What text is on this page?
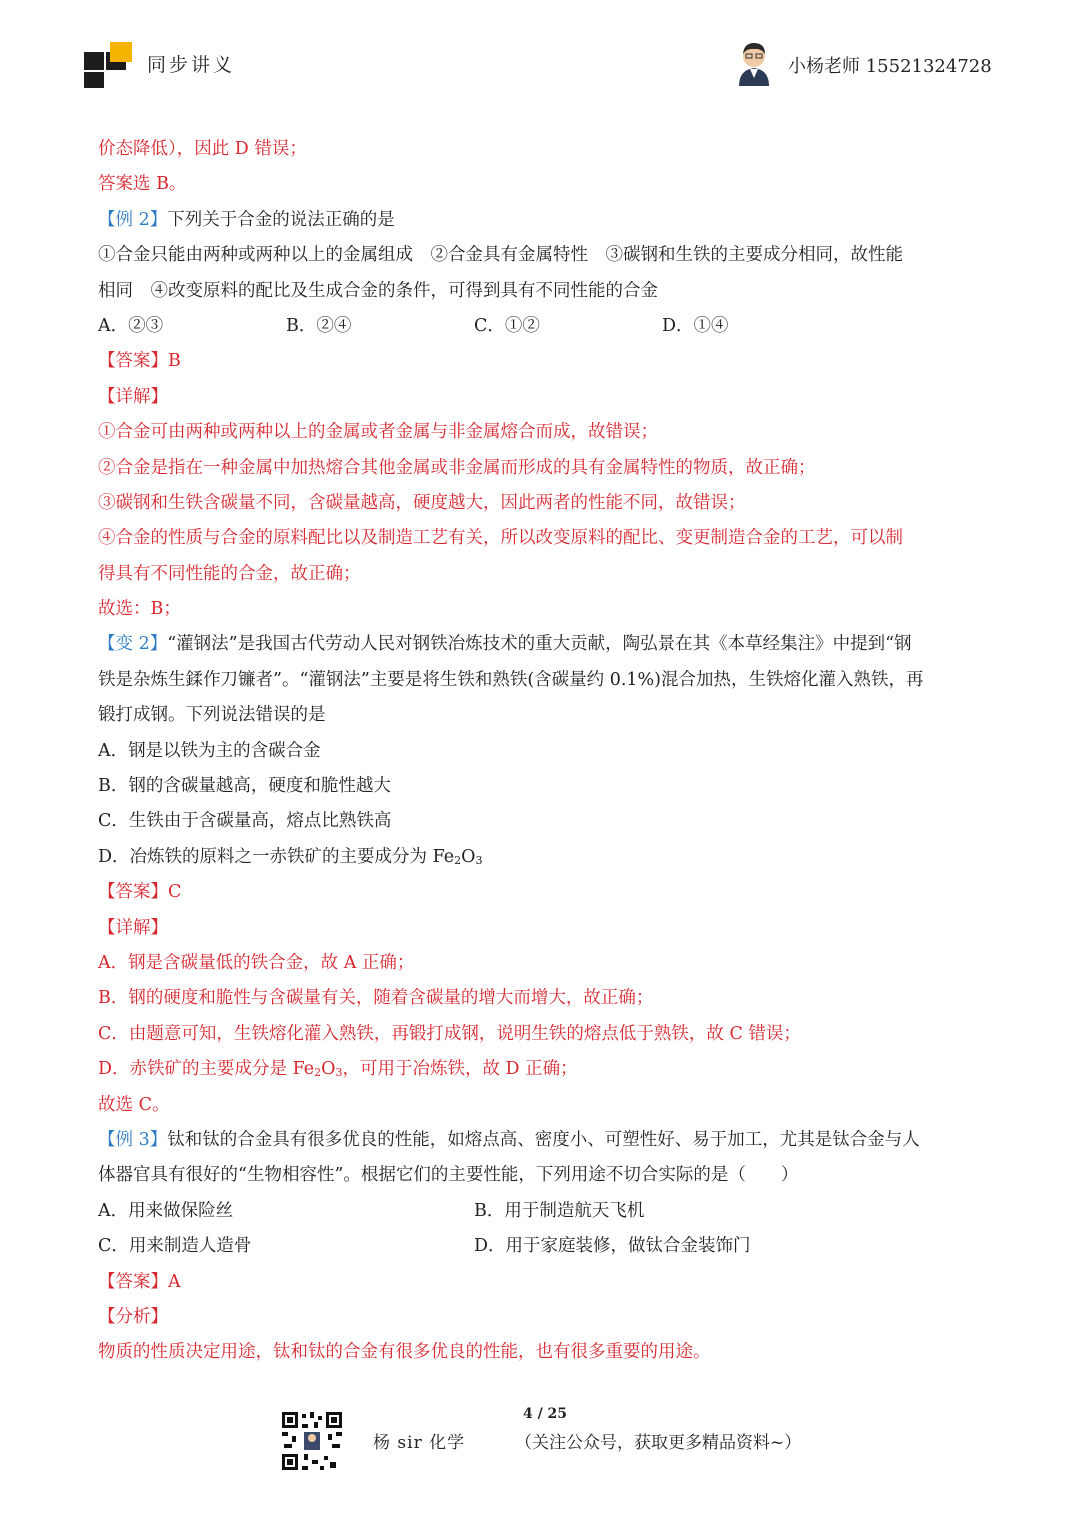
同步讲义	小杨老师 15521324728
价态降低），因此 D 错误；
答案选 B。
【例 2】下列关于合金的说法正确的是
①合金只能由两种或两种以上的金属组成　②合金具有金属特性　③碳钢和生铁的主要成分相同，故性能
相同　④改变原料的配比及生成合金的条件，可得到具有不同性能的合金
A．②③	B．②④	C．①②	D．①④
【答案】B
【详解】
①合金可由两种或两种以上的金属或者金属与非金属熔合而成，故错误；
②合金是指在一种金属中加热熔合其他金属或非金属而形成的具有金属特性的物质，故正确；
③碳钢和生铁含碳量不同，含碳量越高，硬度越大，因此两者的性能不同，故错误；
④合金的性质与合金的原料配比以及制造工艺有关，所以改变原料的配比、变更制造合金的工艺，可以制
得具有不同性能的合金，故正确；
故选：B；
【变 2】“灌钢法”是我国古代劳动人民对钢铁冶炼技术的重大贡献，陶弘景在其《本草经集注》中提到“钢
铁是杂炼生鍒作刀镰者”。“灌钢法”主要是将生铁和熟铁(含碳量约 0.1%)混合加热，生铁熔化灌入熟铁，再
锻打成钢。下列说法错误的是
A．钢是以铁为主的含碳合金
B．钢的含碳量越高，硬度和脆性越大
C．生铁由于含碳量高，熔点比熟铁高
D．冶炼铁的原料之一赤铁矿的主要成分为 $Fe_2O_3$
【答案】C
【详解】
A．钢是含碳量低的铁合金，故 A 正确；
B．钢的硬度和脆性与含碳量有关，随着含碳量的增大而增大，故正确；
C．由题意可知，生铁熔化灌入熟铁，再锻打成钢，说明生铁的熔点低于熟铁，故 C 错误；
D．赤铁矿的主要成分是 $Fe_2O_3$，可用于冶炼铁，故 D 正确；
故选 C。
【例 3】钛和钛的合金具有很多优良的性能，如熔点高、密度小、可塑性好、易于加工，尤其是钛合金与人
体器官具有很好的“生物相容性”。根据它们的主要性能，下列用途不切合实际的是（　　）
A．用来做保险丝	B．用于制造航天飞机
C．用来制造人造骨	D．用于家庭装修，做钛合金装饰门
【答案】A
【分析】
物质的性质决定用途，钛和钛的合金有很多优良的性能，也有很多重要的用途。
4 / 25
杨 sir 化学	（关注公众号，获取更多精品资料~）
